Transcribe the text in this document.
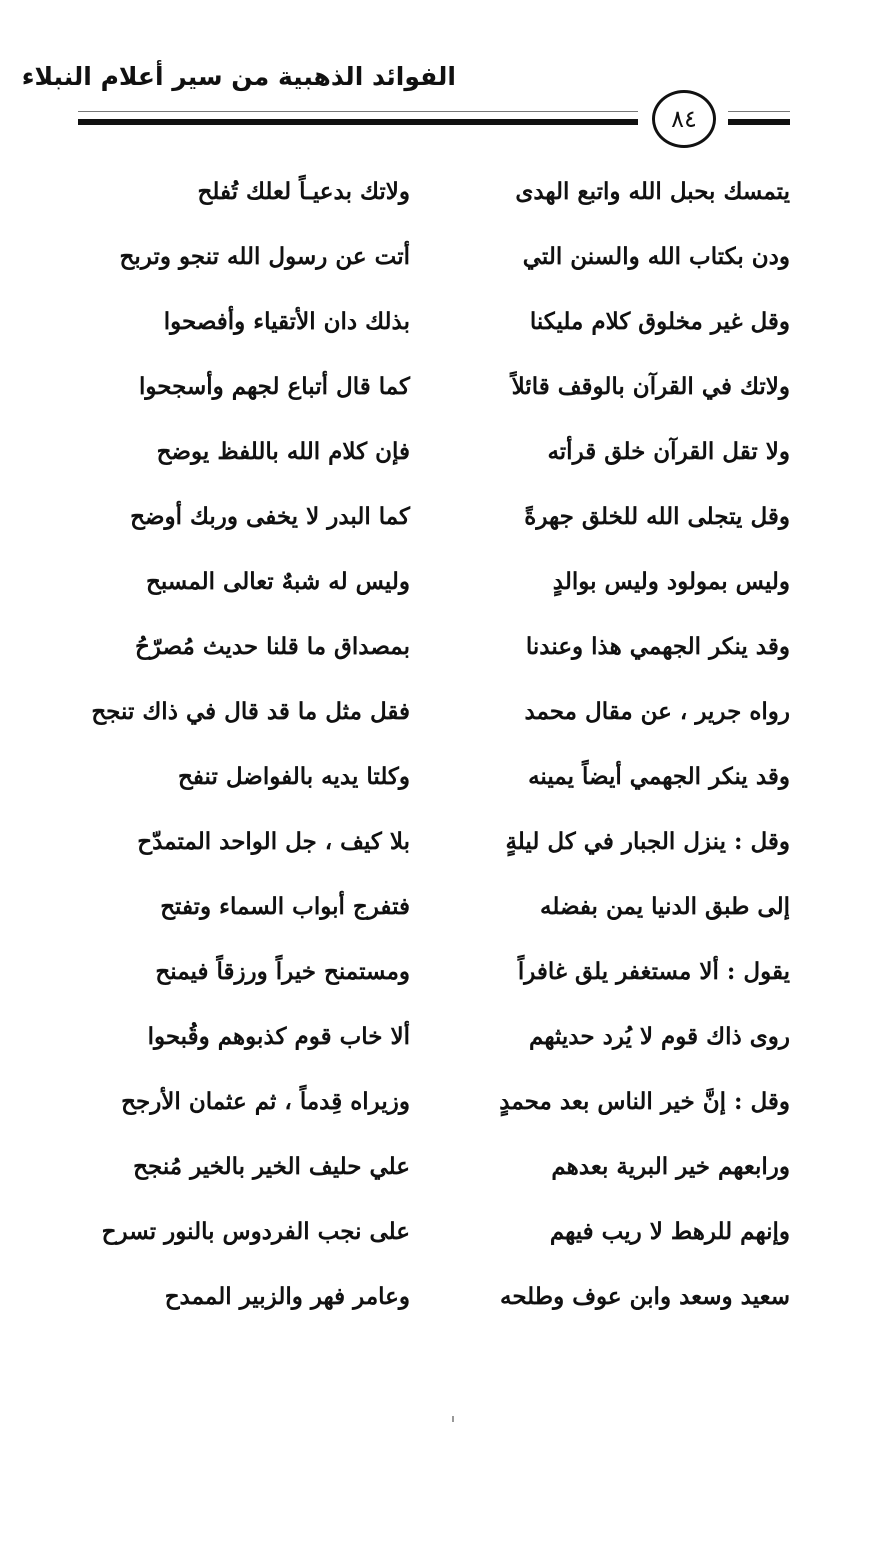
الفوائد الذهبية من سير أعلام النبلاء
٨٤
يتمسك بحبل الله واتبع الهدى
ولاتك بدعيـاً لعلك تُفلح
ودن بكتاب الله والسنن التي
أتت عن رسول الله تنجو وتربح
وقل غير مخلوق كلام مليكنا
بذلك دان الأتقياء وأفصحوا
ولاتك في القرآن بالوقف قائلاً
كما قال أتباع لجهم وأسجحوا
ولا تقل القرآن خلق قرأته
فإن كلام الله باللفظ يوضح
وقل يتجلى الله للخلق جهرةً
كما البدر لا يخفى وربك أوضح
وليس بمولود وليس بوالدٍ
وليس له شبهٌ تعالى المسبح
وقد ينكر الجهمي هذا وعندنا
بمصداق ما قلنا حديث مُصرّحُ
رواه جرير ، عن مقال محمد
فقل مثل ما قد قال في ذاك تنجح
وقد ينكر الجهمي أيضاً يمينه
وكلتا يديه بالفواضل تنفح
وقل : ينزل الجبار في كل ليلةٍ
بلا كيف ، جل الواحد المتمدّح
إلى طبق الدنيا يمن بفضله
فتفرج أبواب السماء وتفتح
يقول : ألا مستغفر يلق غافراً
ومستمنح خيراً ورزقاً فيمنح
روى ذاك قوم لا يُرد حديثهم
ألا خاب قوم كذبوهم وقُبحوا
وقل : إنَّ خير الناس بعد محمدٍ
وزيراه قِدماً ، ثم عثمان الأرجح
ورابعهم خير البرية بعدهم
علي حليف الخير بالخير مُنجح
وإنهم للرهط لا ريب فيهم
على نجب الفردوس بالنور تسرح
سعيد وسعد وابن عوف وطلحه
وعامر فهر والزبير الممدح
